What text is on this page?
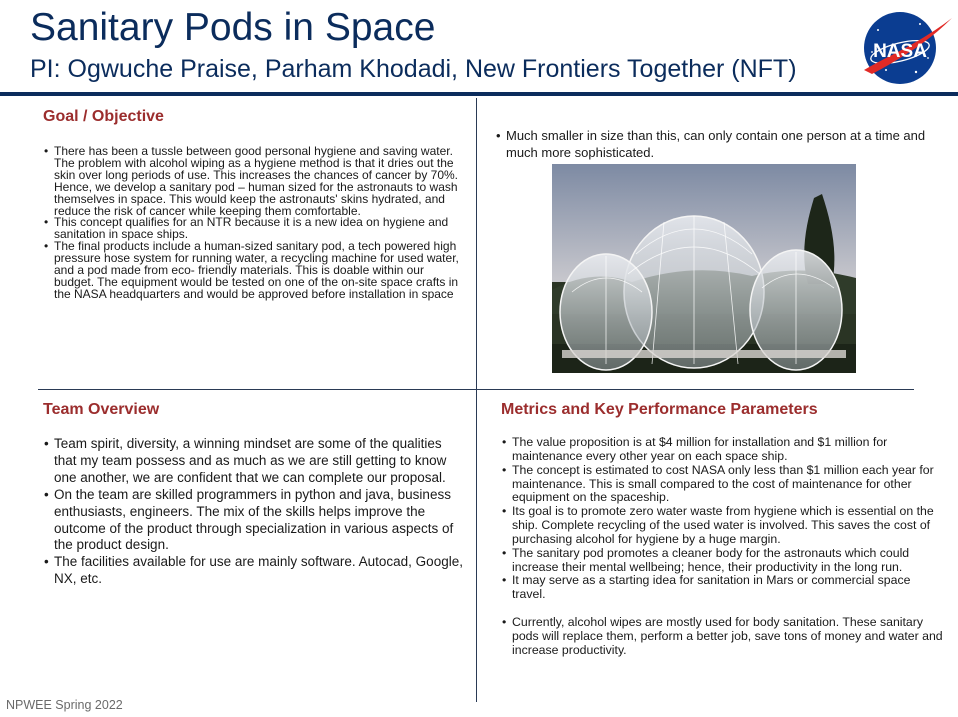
Sanitary Pods in Space
PI: Ogwuche Praise, Parham Khodadi, New Frontiers Together (NFT)
NASA
Goal / Objective
• There has been a tussle between good personal hygiene and saving water. The problem with alcohol wiping as a hygiene method is that it dries out the skin over long periods of use. This increases the chances of cancer by 70%. Hence, we develop a sanitary pod – human sized for the astronauts to wash themselves in space. This would keep the astronauts' skins hydrated, and reduce the risk of cancer while keeping them comfortable.
• This concept qualifies for an NTR because it is a new idea on hygiene and sanitation in space ships.
• The final products include a human-sized sanitary pod, a tech powered high pressure hose system for running water, a recycling machine for used water, and a pod made from eco- friendly materials. This is doable within our budget. The equipment would be tested on one of the on-site space crafts in the NASA headquarters and would be approved before installation in space
• Much smaller in size than this, can only contain one person at a time and much more sophisticated.
Team Overview
• Team spirit, diversity, a winning mindset are some of the qualities that my team possess and as much as we are still getting to know one another, we are confident that we can complete our proposal.
• On the team are skilled programmers in python and java, business enthusiasts, engineers. The mix of the skills helps improve the outcome of the product through specialization in various aspects of the product design.
• The facilities available for use are mainly software. Autocad, Google, NX, etc.
Metrics and Key Performance Parameters
• The value proposition is at $4 million for installation and $1 million for maintenance every other year on each space ship.
• The concept is estimated to cost NASA only less than $1 million each year for maintenance. This is small compared to the cost of maintenance for other equipment on the spaceship.
• Its goal is to promote zero water waste from hygiene which is essential on the ship. Complete recycling of the used water is involved. This saves the cost of purchasing alcohol for hygiene by a huge margin.
• The sanitary pod promotes a cleaner body for the astronauts which could increase their mental wellbeing; hence, their productivity in the long run.
• It may serve as a starting idea for sanitation in Mars or commercial space travel.
• Currently, alcohol wipes are mostly used for body sanitation. These sanitary pods will replace them, perform a better job, save tons of money and water and increase productivity.
NPWEE Spring 2022
